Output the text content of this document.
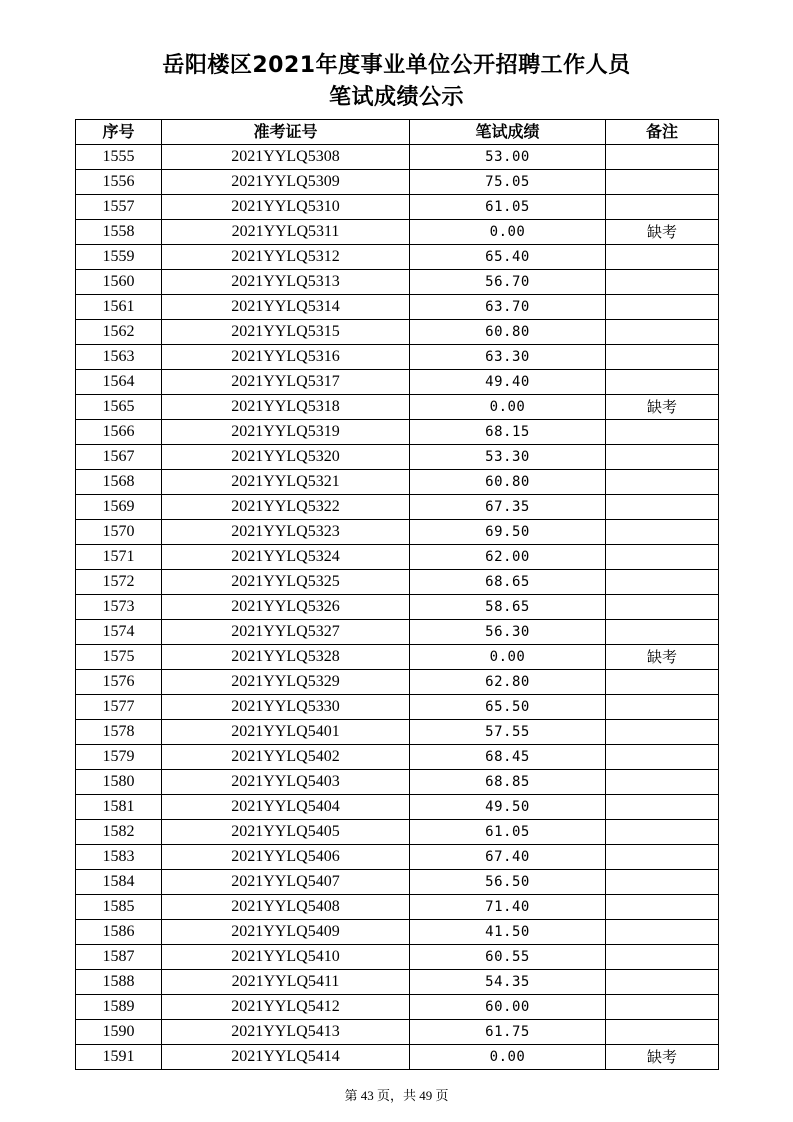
岳阳楼区2021年度事业单位公开招聘工作人员
笔试成绩公示
序号	准考证号	笔试成绩	备注
1555	2021YYLQ5308	53.00	
1556	2021YYLQ5309	75.05	
1557	2021YYLQ5310	61.05	
1558	2021YYLQ5311	0.00	缺考
1559	2021YYLQ5312	65.40	
1560	2021YYLQ5313	56.70	
1561	2021YYLQ5314	63.70	
1562	2021YYLQ5315	60.80	
1563	2021YYLQ5316	63.30	
1564	2021YYLQ5317	49.40	
1565	2021YYLQ5318	0.00	缺考
1566	2021YYLQ5319	68.15	
1567	2021YYLQ5320	53.30	
1568	2021YYLQ5321	60.80	
1569	2021YYLQ5322	67.35	
1570	2021YYLQ5323	69.50	
1571	2021YYLQ5324	62.00	
1572	2021YYLQ5325	68.65	
1573	2021YYLQ5326	58.65	
1574	2021YYLQ5327	56.30	
1575	2021YYLQ5328	0.00	缺考
1576	2021YYLQ5329	62.80	
1577	2021YYLQ5330	65.50	
1578	2021YYLQ5401	57.55	
1579	2021YYLQ5402	68.45	
1580	2021YYLQ5403	68.85	
1581	2021YYLQ5404	49.50	
1582	2021YYLQ5405	61.05	
1583	2021YYLQ5406	67.40	
1584	2021YYLQ5407	56.50	
1585	2021YYLQ5408	71.40	
1586	2021YYLQ5409	41.50	
1587	2021YYLQ5410	60.55	
1588	2021YYLQ5411	54.35	
1589	2021YYLQ5412	60.00	
1590	2021YYLQ5413	61.75	
1591	2021YYLQ5414	0.00	缺考
第 43 页，共 49 页
